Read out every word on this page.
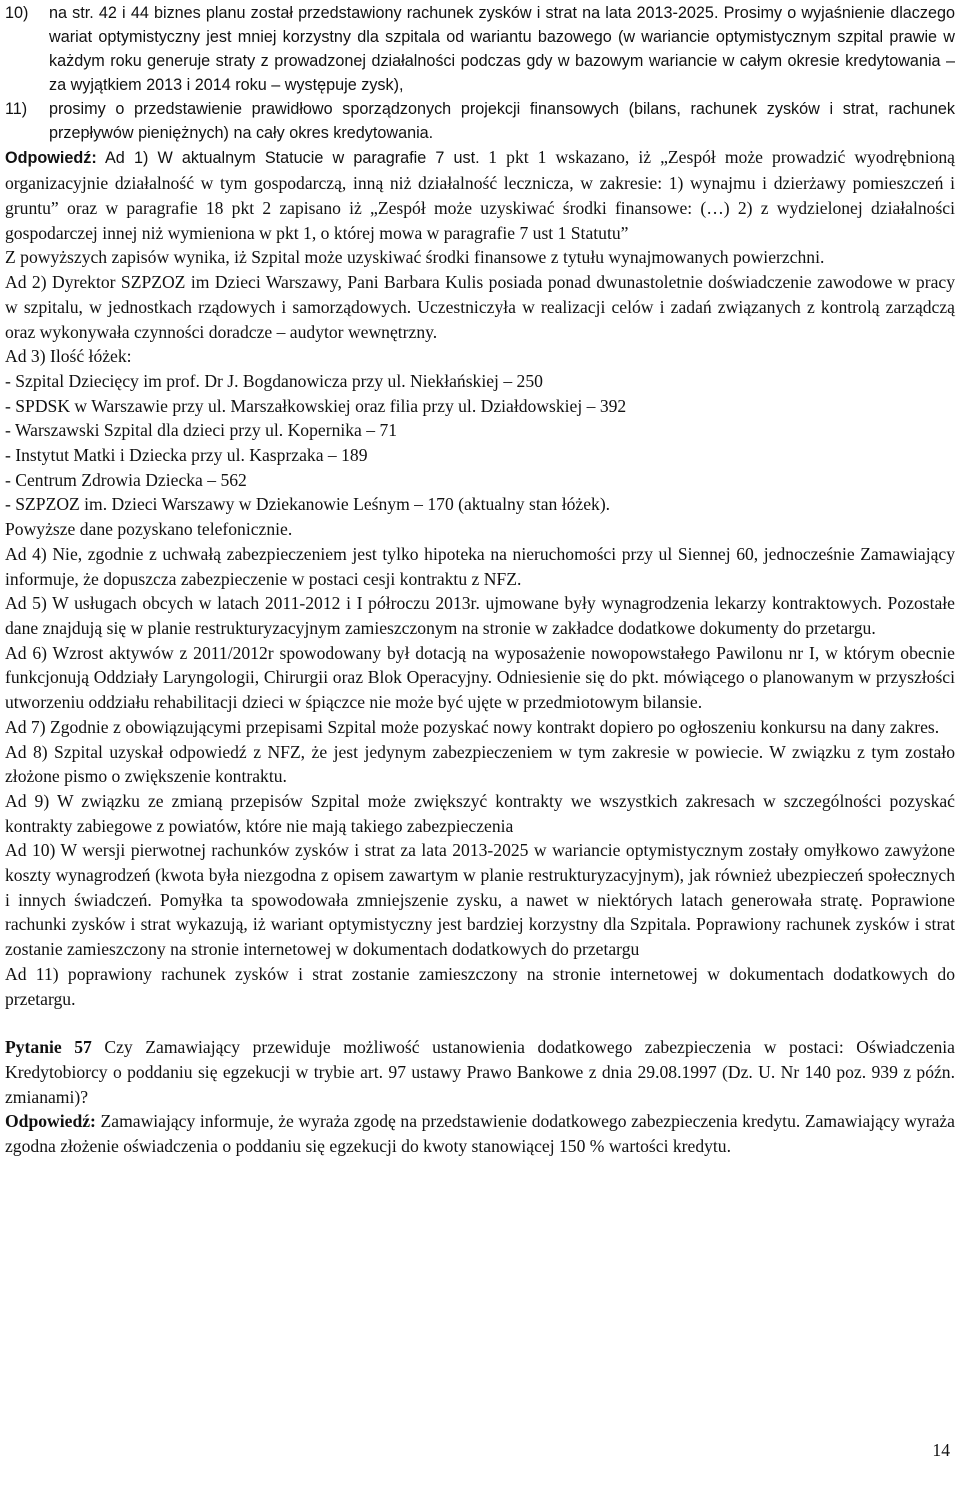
10)	na str. 42 i 44 biznes planu został przedstawiony rachunek zysków i strat na lata 2013-2025. Prosimy o wyjaśnienie dlaczego wariat optymistyczny jest mniej korzystny dla szpitala od wariantu bazowego (w wariancie optymistycznym szpital prawie w każdym roku generuje straty z prowadzonej działalności podczas gdy w bazowym wariancie w całym okresie kredytowania – za wyjątkiem 2013 i 2014 roku – występuje zysk),
11)	prosimy o przedstawienie prawidłowo sporządzonych projekcji finansowych (bilans, rachunek zysków i strat, rachunek przepływów pieniężnych) na cały okres kredytowania.

Odpowiedź: Ad 1) W aktualnym Statucie w paragrafie 7 ust. 1 pkt 1 wskazano, iż „Zespół może prowadzić wyodrębnioną organizacyjnie działalność w tym gospodarczą, inną niż działalność lecznicza, w zakresie: 1) wynajmu i dzierżawy pomieszczeń i gruntu” oraz w paragrafie 18 pkt 2 zapisano iż „Zespół może uzyskiwać środki finansowe: (…) 2) z wydzielonej działalności gospodarczej innej niż wymieniona w pkt 1, o której mowa w paragrafie 7 ust 1 Statutu”

Z powyższych zapisów wynika, iż Szpital może uzyskiwać środki finansowe z tytułu wynajmowanych powierzchni.

Ad 2) Dyrektor SZPZOZ im Dzieci Warszawy, Pani Barbara Kulis posiada ponad dwunastoletnie doświadczenie zawodowe w pracy w szpitalu, w jednostkach rządowych i samorządowych. Uczestniczyła w realizacji celów i zadań związanych z kontrolą zarządczą oraz wykonywała czynności doradcze – audytor wewnętrzny.

Ad 3) Ilość łóżek:

- Szpital Dziecięcy im prof. Dr J. Bogdanowicza przy ul. Niekłańskiej – 250

- SPDSK w Warszawie przy ul. Marszałkowskiej oraz filia przy ul. Działdowskiej – 392

- Warszawski Szpital dla dzieci przy ul. Kopernika – 71

- Instytut Matki i Dziecka przy ul. Kasprzaka – 189

- Centrum Zdrowia Dziecka – 562

- SZPZOZ im. Dzieci Warszawy w Dziekanowie Leśnym – 170 (aktualny stan łóżek).

Powyższe dane pozyskano telefonicznie.

Ad 4) Nie, zgodnie z uchwałą zabezpieczeniem jest tylko hipoteka na nieruchomości przy ul Siennej 60, jednocześnie Zamawiający informuje, że dopuszcza zabezpieczenie w postaci cesji kontraktu z NFZ.

Ad 5) W usługach obcych w latach 2011-2012 i I półroczu 2013r. ujmowane były wynagrodzenia lekarzy kontraktowych. Pozostałe dane znajdują się w planie restrukturyzacyjnym zamieszczonym na stronie w zakładce dodatkowe dokumenty do przetargu.

Ad 6) Wzrost aktywów z 2011/2012r spowodowany był dotacją na wyposażenie nowopowstałego Pawilonu nr I, w którym obecnie funkcjonują Oddziały Laryngologii, Chirurgii oraz Blok Operacyjny. Odniesienie się do pkt. mówiącego o planowanym w przyszłości utworzeniu oddziału rehabilitacji dzieci w śpiączce nie może być ujęte w przedmiotowym bilansie.

Ad 7) Zgodnie z obowiązującymi przepisami Szpital może pozyskać nowy kontrakt dopiero po ogłoszeniu konkursu na dany zakres.

Ad 8) Szpital uzyskał odpowiedź z NFZ, że jest jedynym zabezpieczeniem w tym zakresie w powiecie. W związku z tym zostało złożone pismo o zwiększenie kontraktu.

Ad 9) W związku ze zmianą przepisów Szpital może zwiększyć kontrakty we wszystkich zakresach w szczególności pozyskać kontrakty zabiegowe z powiatów, które nie mają takiego zabezpieczenia

Ad 10) W wersji pierwotnej rachunków zysków i strat za lata 2013-2025 w wariancie optymistycznym zostały omyłkowo zawyżone koszty wynagrodzeń (kwota była niezgodna z opisem zawartym w planie restrukturyzacyjnym), jak również ubezpieczeń społecznych i innych świadczeń. Pomyłka ta spowodowała zmniejszenie zysku, a nawet w niektórych latach generowała stratę. Poprawione rachunki zysków i strat wykazują, iż wariant optymistyczny jest bardziej korzystny dla Szpitala. Poprawiony rachunek zysków i strat zostanie zamieszczony na stronie internetowej w dokumentach dodatkowych do przetargu

Ad 11) poprawiony rachunek zysków i strat zostanie zamieszczony na stronie internetowej w dokumentach dodatkowych do przetargu.

Pytanie 57 Czy Zamawiający przewiduje możliwość ustanowienia dodatkowego zabezpieczenia w postaci: Oświadczenia Kredytobiorcy o poddaniu się egzekucji w trybie art. 97 ustawy Prawo Bankowe z dnia 29.08.1997 (Dz. U. Nr 140 poz. 939 z późn. zmianami)?

Odpowiedź: Zamawiający informuje, że wyraża zgodę na przedstawienie dodatkowego zabezpieczenia kredytu. Zamawiający wyraża zgodna złożenie oświadczenia o poddaniu się egzekucji do kwoty stanowiącej 150 % wartości kredytu.

14
